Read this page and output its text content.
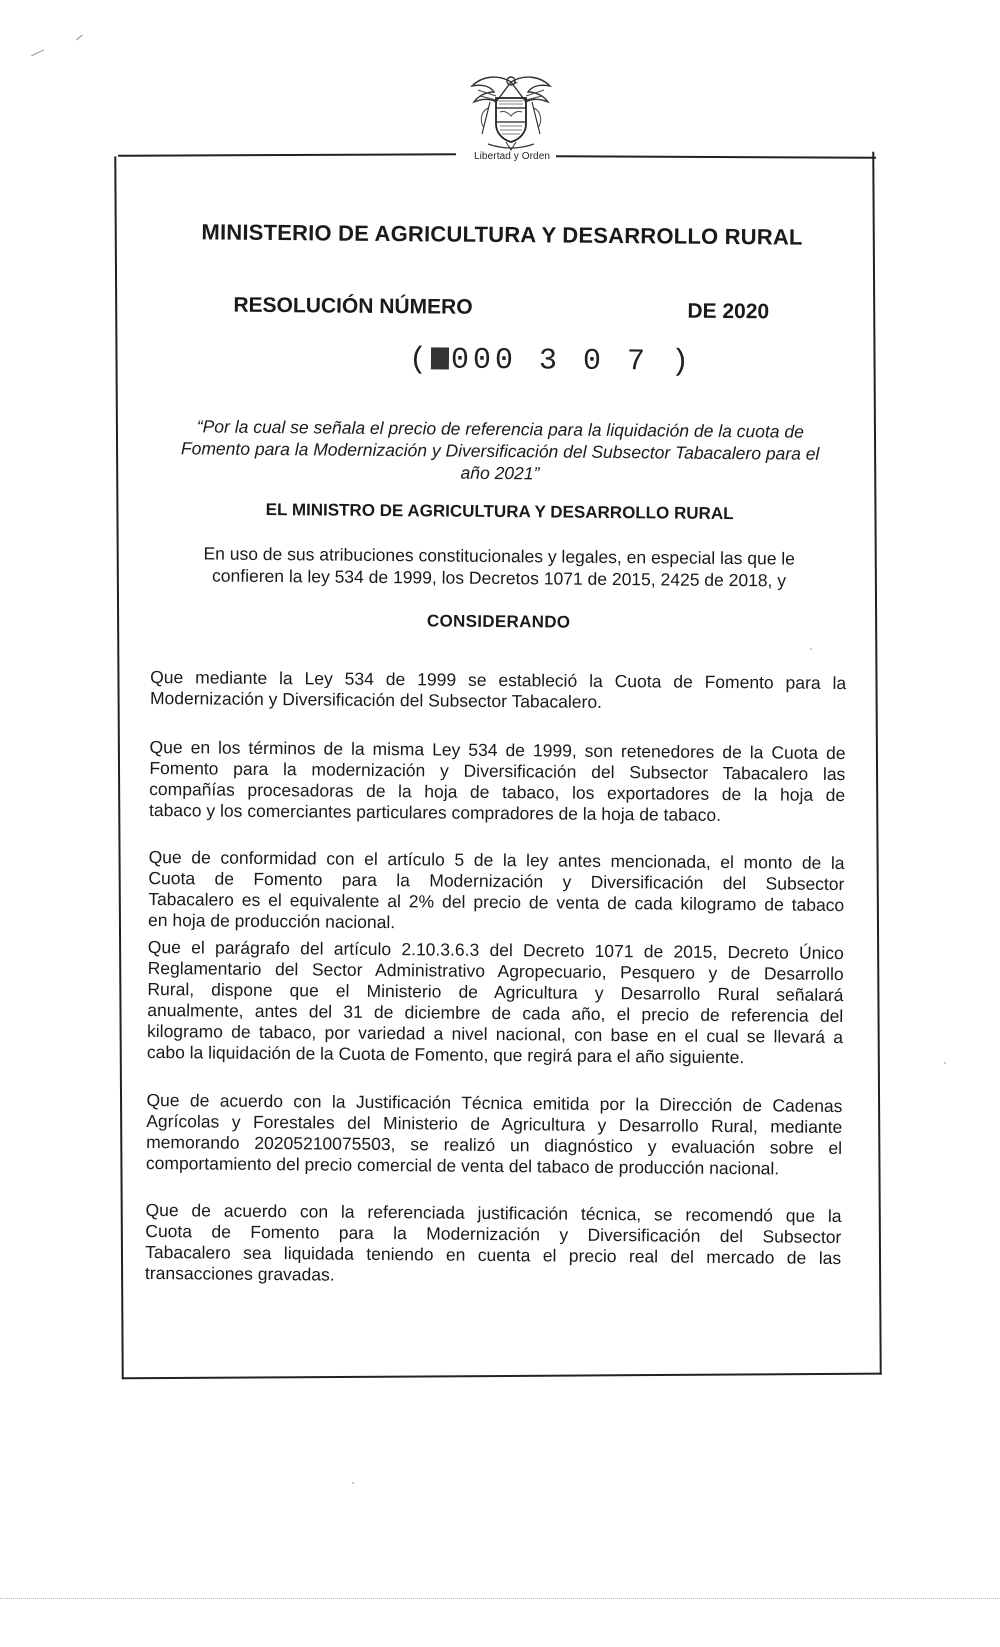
Libertad y Orden
MINISTERIO DE AGRICULTURA Y DESARROLLO RURAL
RESOLUCIÓN NÚMERO	DE 2020
( 000 3 0 7 )
“Por la cual se señala el precio de referencia para la liquidación de la cuota de
Fomento para la Modernización y Diversificación del Subsector Tabacalero para el
año 2021”
EL MINISTRO DE AGRICULTURA Y DESARROLLO RURAL
En uso de sus atribuciones constitucionales y legales, en especial las que le
confieren la ley 534 de 1999, los Decretos 1071 de 2015, 2425 de 2018, y
CONSIDERANDO
Que mediante la Ley 534 de 1999 se estableció la Cuota de Fomento para la
Modernización y Diversificación del Subsector Tabacalero.
Que en los términos de la misma Ley 534 de 1999, son retenedores de la Cuota de
Fomento para la modernización y Diversificación del Subsector Tabacalero las
compañías procesadoras de la hoja de tabaco, los exportadores de la hoja de
tabaco y los comerciantes particulares compradores de la hoja de tabaco.
Que de conformidad con el artículo 5 de la ley antes mencionada, el monto de la
Cuota de Fomento para la Modernización y Diversificación del Subsector
Tabacalero es el equivalente al 2% del precio de venta de cada kilogramo de tabaco
en hoja de producción nacional.
Que el parágrafo del artículo 2.10.3.6.3 del Decreto 1071 de 2015, Decreto Único
Reglamentario del Sector Administrativo Agropecuario, Pesquero y de Desarrollo
Rural, dispone que el Ministerio de Agricultura y Desarrollo Rural señalará
anualmente, antes del 31 de diciembre de cada año, el precio de referencia del
kilogramo de tabaco, por variedad a nivel nacional, con base en el cual se llevará a
cabo la liquidación de la Cuota de Fomento, que regirá para el año siguiente.
Que de acuerdo con la Justificación Técnica emitida por la Dirección de Cadenas
Agrícolas y Forestales del Ministerio de Agricultura y Desarrollo Rural, mediante
memorando 20205210075503, se realizó un diagnóstico y evaluación sobre el
comportamiento del precio comercial de venta del tabaco de producción nacional.
Que de acuerdo con la referenciada justificación técnica, se recomendó que la
Cuota de Fomento para la Modernización y Diversificación del Subsector
Tabacalero sea liquidada teniendo en cuenta el precio real del mercado de las
transacciones gravadas.
